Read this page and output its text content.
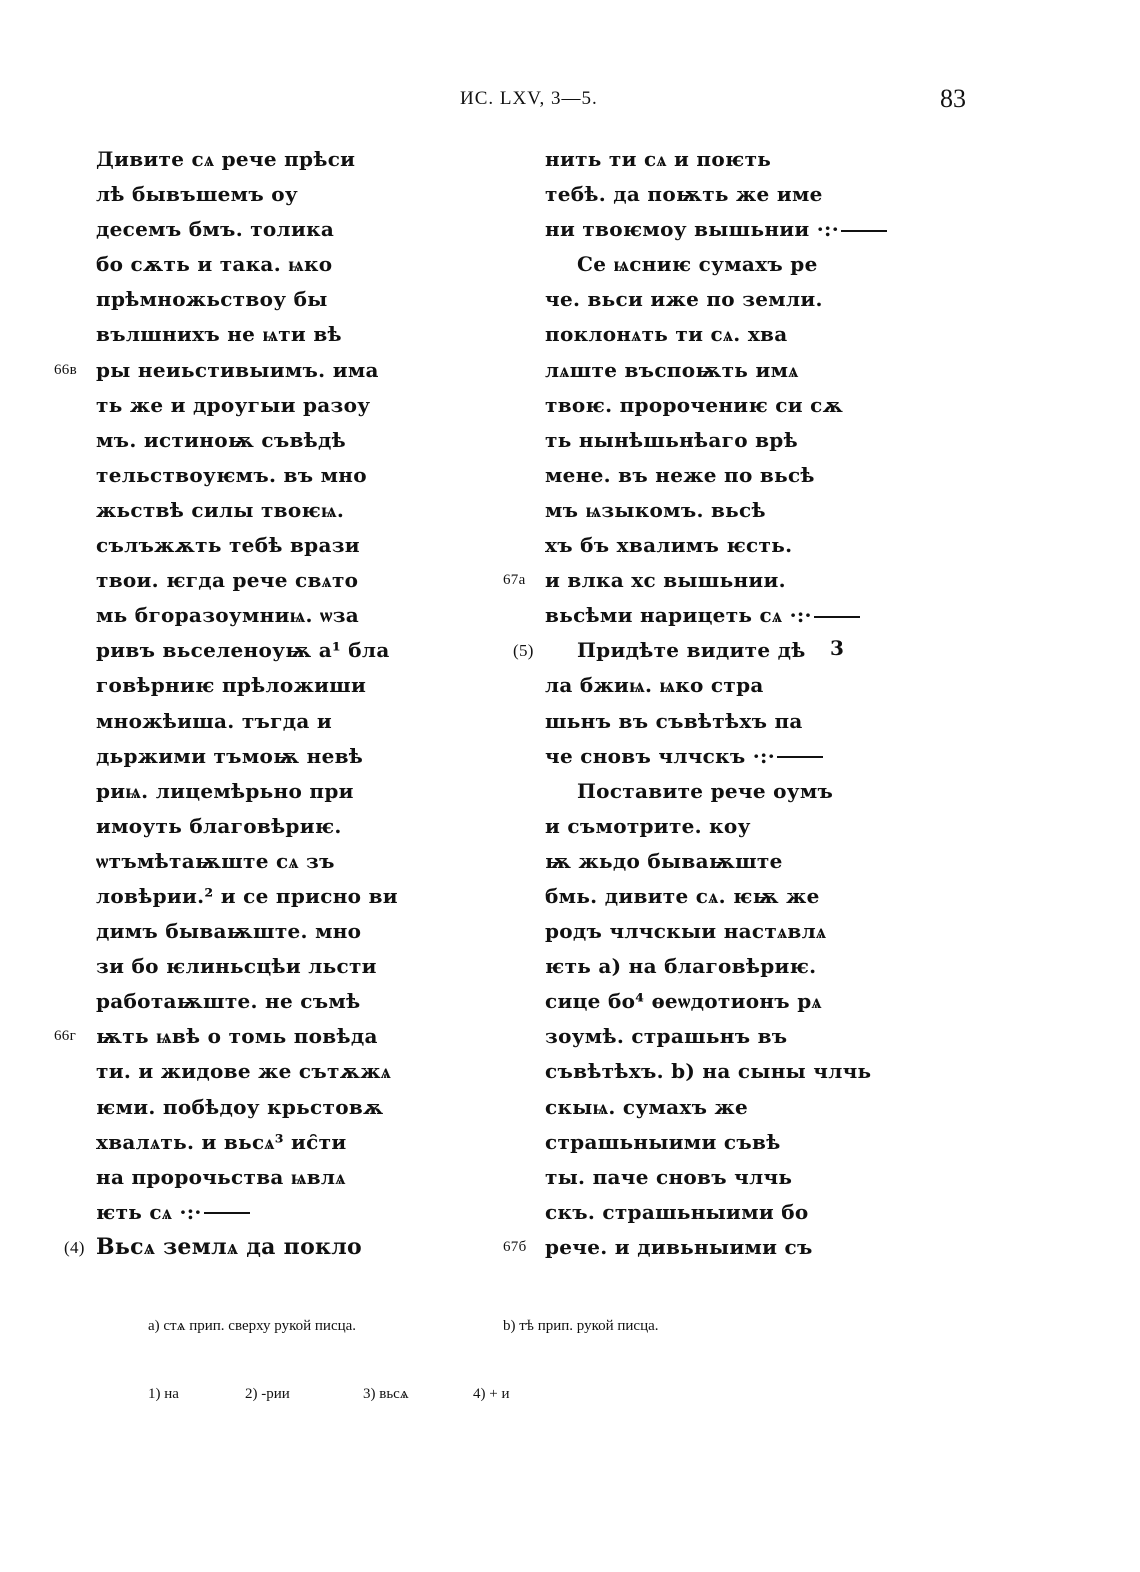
ИС. LXV, 3—5.	83
Дивите сѧ рече прѣси
лѣ бывъшемъ оу
десемъ бмъ. толика
бо сѫть и така. ѩко
прѣмножьствоу бы
вълшнихъ не ѩти вѣ
66в ры неиьстивыимъ. има
ть же и дроугыи разоу
мъ. истиноѭ съвѣдѣ
тельствоуѥмъ. въ мно
жьствѣ силы твоѥѩ.
сълъжѫть тебѣ врази
твои. ѥгда рече свѧто
мь бгоразоумниѩ. ѡза
ривъ вьселеноуѭ а¹ бла
говѣрниѥ прѣложиши
множѣиша. тъгда и
дьржими тъмоѭ невѣ
риѩ. лицемѣрьно при
имоуть благовѣриѥ.
ѡтъмѣтаѭште сѧ зъ
ловѣрии.² и се присно ви
димъ бываѭште. мно
зи бо ѥлиньсцѣи льсти
работаѭште. не съмѣ
66г ѭть ѩвѣ о томь повѣда
ти. и жидове же сътѫжѧ
ѥми. побѣдоу крьстовѫ
хвалѧть. и вьсѧ³ ис̑ти
на пророчьства ѩвлѧ
ѥть сѧ ·:·
(4) Вьсѧ землѧ да покло
нить ти сѧ и поѥть
тебѣ. да поѭть же име
ни твоѥмоу вышьнии ·:·
Се ѩсниѥ сумахъ ре
че. вьси иже по земли.
поклонѧть ти сѧ. хва
лѧште въспоѭть имѧ
твоѥ. пророчениѥ си сѫ
ть нынѣшьнѣаго врѣ
мене. въ неже по вьсѣ
мъ ѩзыкомъ. вьсѣ
хъ бъ хвалимъ ѥсть.
67а и влка хс вышьнии.
вьсѣми нарицеть сѧ ·:·
(5) Придѣте видите дѣ
ла бжиѩ. ѩко стра
шьнъ въ съвѣтѣхъ па
че сновъ члчскъ ·:·
Поставите рече оумъ
и съмотрите. коу
ѭ жьдо бываѭште
бмь. дивите сѧ. ѥѭ же
родъ члчскыи настѧвлѧ
ѥть а) на благовѣриѥ.
сице бо⁴ ѳеѡдотионъ рѧ
зоумѣ. страшьнъ въ
съвѣтѣхъ. b) на сыны члчь
скыѩ. сумахъ же
страшьныими съвѣ
ты. паче сновъ члчь
скъ. страшьныими бо
67б рече. и дивьныими съ
3
a) стѧ прип. сверху рукой писца.	b) тѣ прип. рукой писца.
1) на	2) -рии	3) вьсѧ	4) + и
